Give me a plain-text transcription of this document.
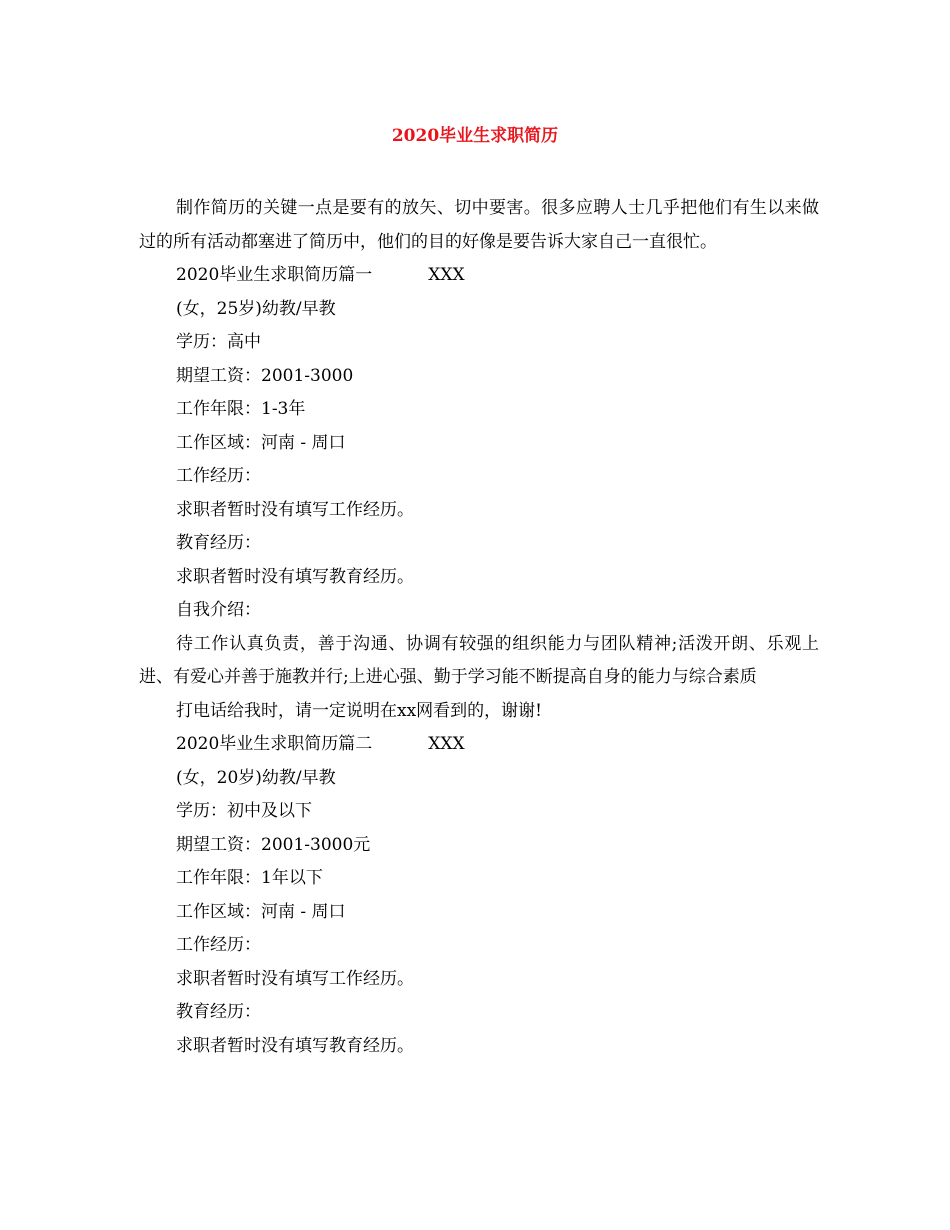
2020毕业生求职简历

制作简历的关键一点是要有的放矢、切中要害。很多应聘人士几乎把他们有生以来做过的所有活动都塞进了简历中，他们的目的好像是要告诉大家自己一直很忙。

2020毕业生求职简历篇一	XXX

(女，25岁)幼教/早教

学历：高中

期望工资：2001-3000

工作年限：1-3年

工作区域：河南 - 周口

工作经历：

求职者暂时没有填写工作经历。

教育经历：

求职者暂时没有填写教育经历。

自我介绍：

待工作认真负责，善于沟通、协调有较强的组织能力与团队精神;活泼开朗、乐观上进、有爱心并善于施教并行;上进心强、勤于学习能不断提高自身的能力与综合素质

打电话给我时，请一定说明在xx网看到的，谢谢!

2020毕业生求职简历篇二	XXX

(女，20岁)幼教/早教

学历：初中及以下

期望工资：2001-3000元

工作年限：1年以下

工作区域：河南 - 周口

工作经历：

求职者暂时没有填写工作经历。

教育经历：

求职者暂时没有填写教育经历。
